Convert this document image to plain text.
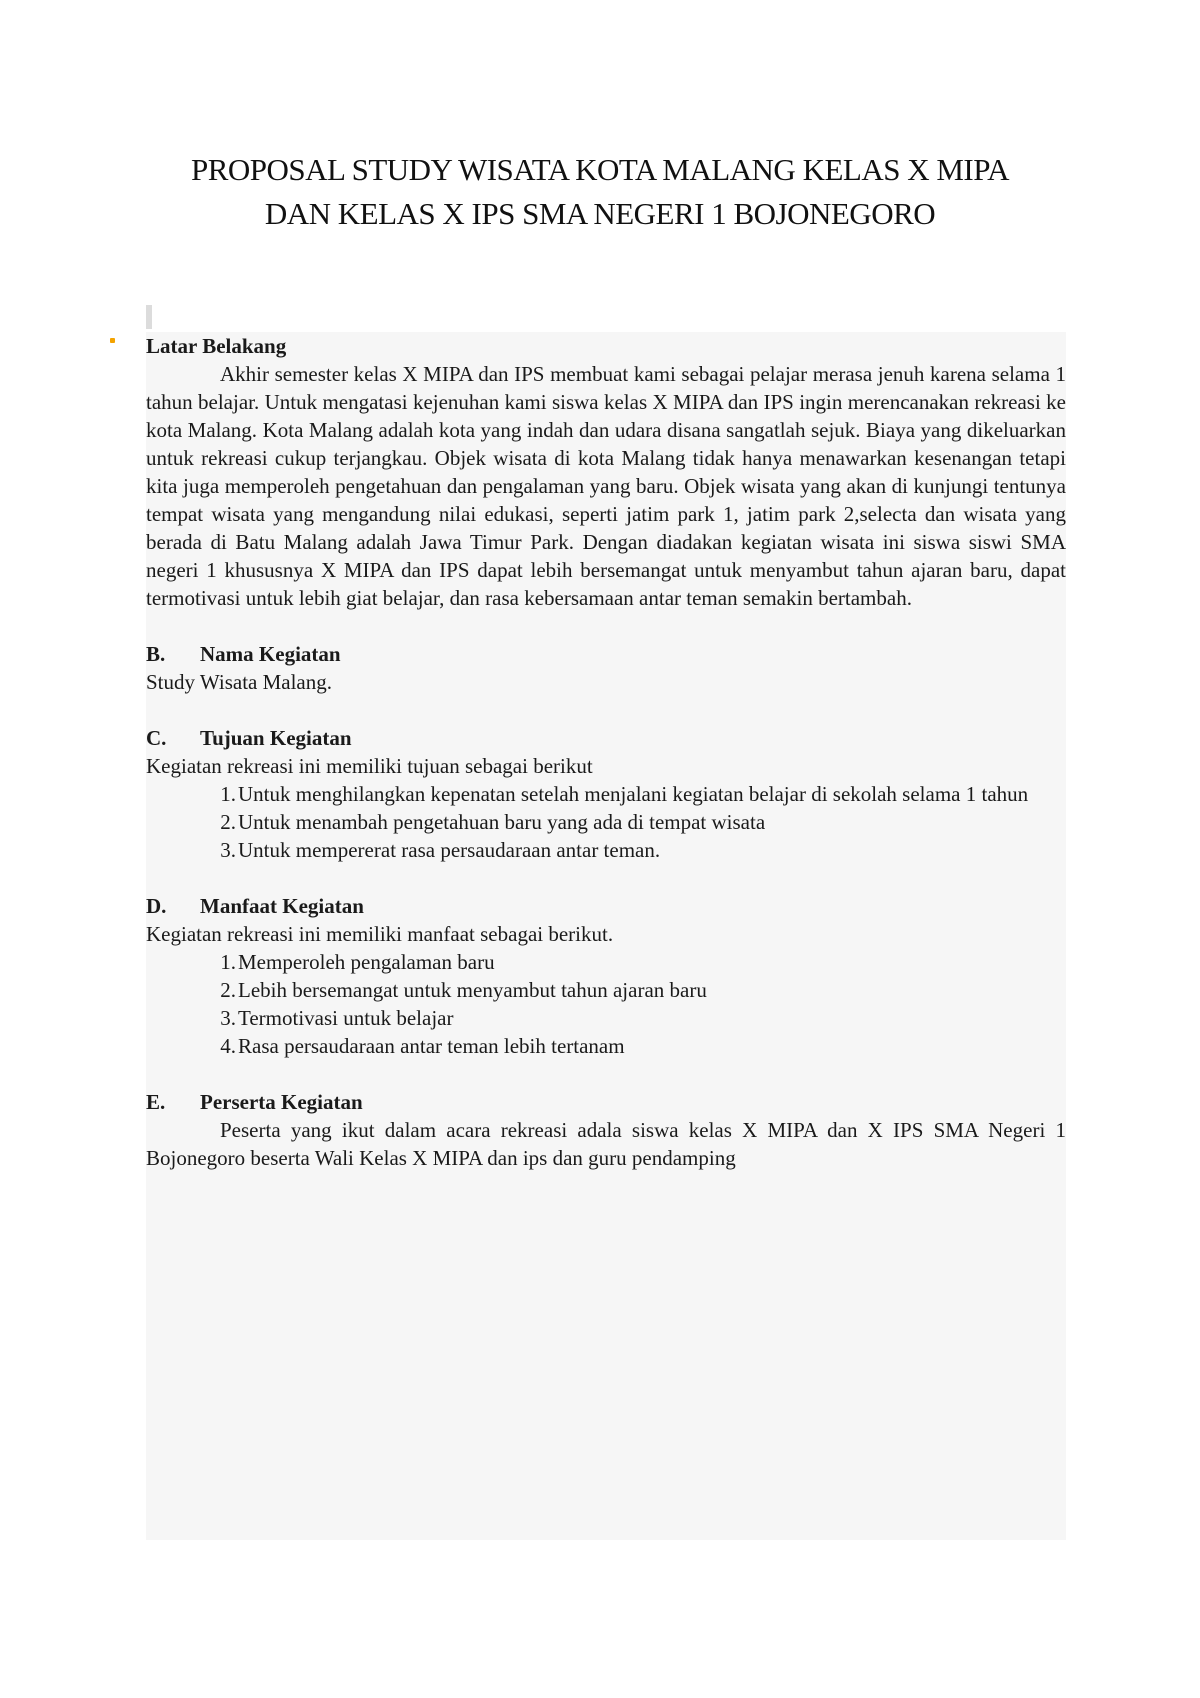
PROPOSAL STUDY WISATA KOTA MALANG KELAS X MIPA
DAN KELAS X IPS SMA NEGERI 1 BOJONEGORO

Latar Belakang

Akhir semester kelas X MIPA dan IPS membuat kami sebagai pelajar merasa jenuh karena selama 1 tahun belajar. Untuk mengatasi kejenuhan kami siswa kelas X MIPA dan IPS ingin merencanakan rekreasi ke kota Malang. Kota Malang adalah kota yang indah dan udara disana sangatlah sejuk. Biaya yang dikeluarkan untuk rekreasi cukup terjangkau. Objek wisata di kota Malang tidak hanya menawarkan kesenangan tetapi kita juga memperoleh pengetahuan dan pengalaman yang baru. Objek wisata yang akan di kunjungi tentunya tempat wisata yang mengandung nilai edukasi, seperti jatim park 1, jatim park 2,selecta dan wisata yang berada di Batu Malang adalah Jawa Timur Park. Dengan diadakan kegiatan wisata ini siswa siswi SMA negeri 1 khususnya X MIPA dan IPS dapat lebih bersemangat untuk menyambut tahun ajaran baru, dapat termotivasi untuk lebih giat belajar, dan rasa kebersamaan antar teman semakin bertambah.

B. Nama Kegiatan

Study Wisata Malang.

C. Tujuan Kegiatan

Kegiatan rekreasi ini memiliki tujuan sebagai berikut

1. Untuk menghilangkan kepenatan setelah menjalani kegiatan belajar di sekolah selama 1 tahun
2. Untuk menambah pengetahuan baru yang ada di tempat wisata
3. Untuk mempererat rasa persaudaraan antar teman.

D. Manfaat Kegiatan

Kegiatan rekreasi ini memiliki manfaat sebagai berikut.

1. Memperoleh pengalaman baru
2. Lebih bersemangat untuk menyambut tahun ajaran baru
3. Termotivasi untuk belajar
4. Rasa persaudaraan antar teman lebih tertanam

E. Perserta Kegiatan

Peserta yang ikut dalam acara rekreasi adala siswa kelas X MIPA dan X IPS SMA Negeri 1 Bojonegoro beserta Wali Kelas X MIPA dan ips dan guru pendamping
